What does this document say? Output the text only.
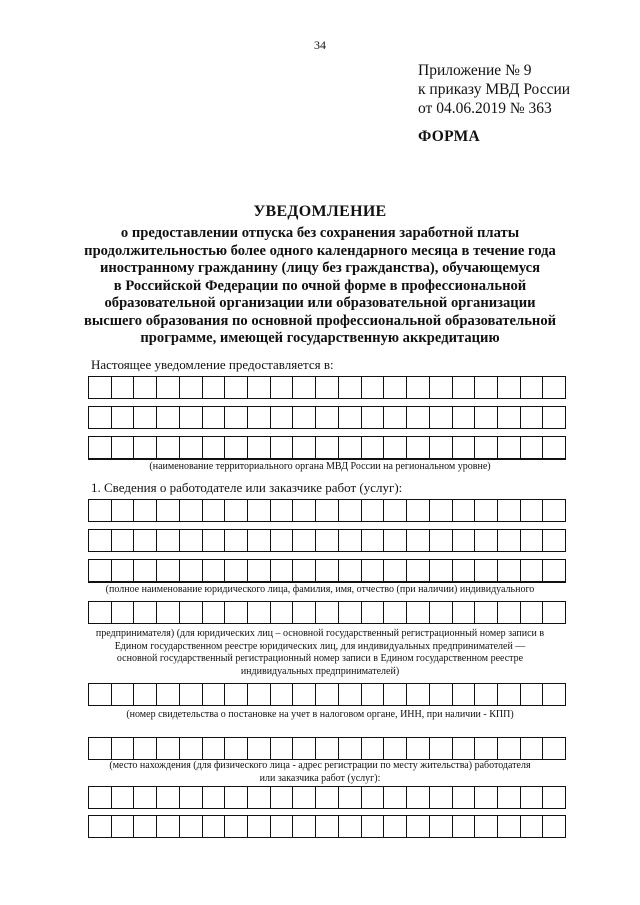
34
Приложение № 9
к приказу МВД России
от 04.06.2019 № 363
ФОРМА
УВЕДОМЛЕНИЕ
о предоставлении отпуска без сохранения заработной платы
продолжительностью более одного календарного месяца в течение года
иностранному гражданину (лицу без гражданства), обучающемуся
в Российской Федерации по очной форме в профессиональной
образовательной организации или образовательной организации
высшего образования по основной профессиональной образовательной
программе, имеющей государственную аккредитацию
Настоящее уведомление предоставляется в:
(наименование территориального органа МВД России на региональном уровне)
1. Сведения о работодателе или заказчике работ (услуг):
(полное наименование юридического лица, фамилия, имя, отчество (при наличии) индивидуального
предпринимателя) (для юридических лиц – основной государственный регистрационный номер записи в
Едином государственном реестре юридических лиц, для индивидуальных предпринимателей —
основной государственный регистрационный номер записи в Едином государственном реестре
индивидуальных предпринимателей)
(номер свидетельства о постановке на учет в налоговом органе, ИНН, при наличии - КПП)
(место нахождения (для физического лица - адрес регистрации по месту жительства) работодателя
или заказчика работ (услуг):
